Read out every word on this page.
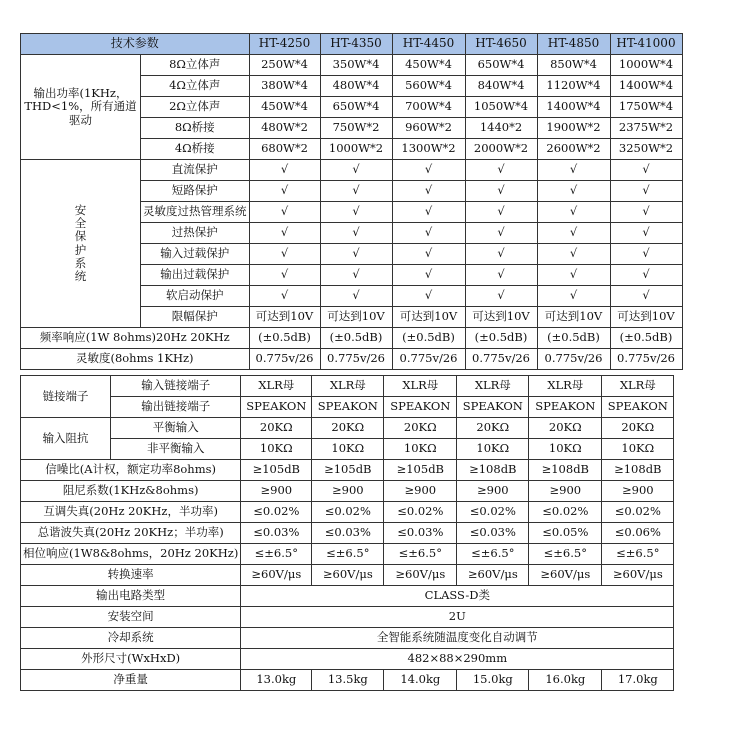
技术参数		HT-4250	HT-4350	HT-4450	HT-4650	HT-4850	HT-41000
输出功率(1KHz，THD<1%，所有通道驱动	8Ω立体声	250W*4	350W*4	450W*4	650W*4	850W*4	1000W*4
	4Ω立体声	380W*4	480W*4	560W*4	840W*4	1120W*4	1400W*4
	2Ω立体声	450W*4	650W*4	700W*4	1050W*4	1400W*4	1750W*4
	8Ω桥接	480W*2	750W*2	960W*2	1440*2	1900W*2	2375W*2
	4Ω桥接	680W*2	1000W*2	1300W*2	2000W*2	2600W*2	3250W*2
安全保护系统	直流保护	√	√	√	√	√	√
	短路保护	√	√	√	√	√	√
	灵敏度过热管理系统	√	√	√	√	√	√
	过热保护	√	√	√	√	√	√
	输入过载保护	√	√	√	√	√	√
	输出过载保护	√	√	√	√	√	√
	软启动保护	√	√	√	√	√	√
	限幅保护	可达到10V	可达到10V	可达到10V	可达到10V	可达到10V	可达到10V
频率响应(1W 8ohms)20Hz 20KHz		(±0.5dB)	(±0.5dB)	(±0.5dB)	(±0.5dB)	(±0.5dB)	(±0.5dB)
灵敏度(8ohms 1KHz)		0.775v/26	0.775v/26	0.775v/26	0.775v/26	0.775v/26	0.775v/26
链接端子	输入链接端子	XLR母	XLR母	XLR母	XLR母	XLR母	XLR母
	输出链接端子	SPEAKON	SPEAKON	SPEAKON	SPEAKON	SPEAKON	SPEAKON
输入阻抗	平衡输入	20KΩ	20KΩ	20KΩ	20KΩ	20KΩ	20KΩ
	非平衡输入	10KΩ	10KΩ	10KΩ	10KΩ	10KΩ	10KΩ
信噪比(A计权，额定功率8ohms)		≥105dB	≥105dB	≥105dB	≥108dB	≥108dB	≥108dB
阻尼系数(1KHz&8ohms)		≥900	≥900	≥900	≥900	≥900	≥900
互调失真(20Hz 20KHz，半功率)		≤0.02%	≤0.02%	≤0.02%	≤0.02%	≤0.02%	≤0.02%
总谐波失真(20Hz 20KHz；半功率)		≤0.03%	≤0.03%	≤0.03%	≤0.03%	≤0.05%	≤0.06%
相位响应(1W8&8ohms，20Hz 20KHz)		≤±6.5°	≤±6.5°	≤±6.5°	≤±6.5°	≤±6.5°	≤±6.5°
转换速率		≥60V/μs	≥60V/μs	≥60V/μs	≥60V/μs	≥60V/μs	≥60V/μs
输出电路类型		CLASS-D类					
安装空间		2U					
冷却系统		全智能系统随温度变化自动调节					
外形尺寸(WxHxD)		482×88×290mm					
净重量		13.0kg	13.5kg	14.0kg	15.0kg	16.0kg	17.0kg
